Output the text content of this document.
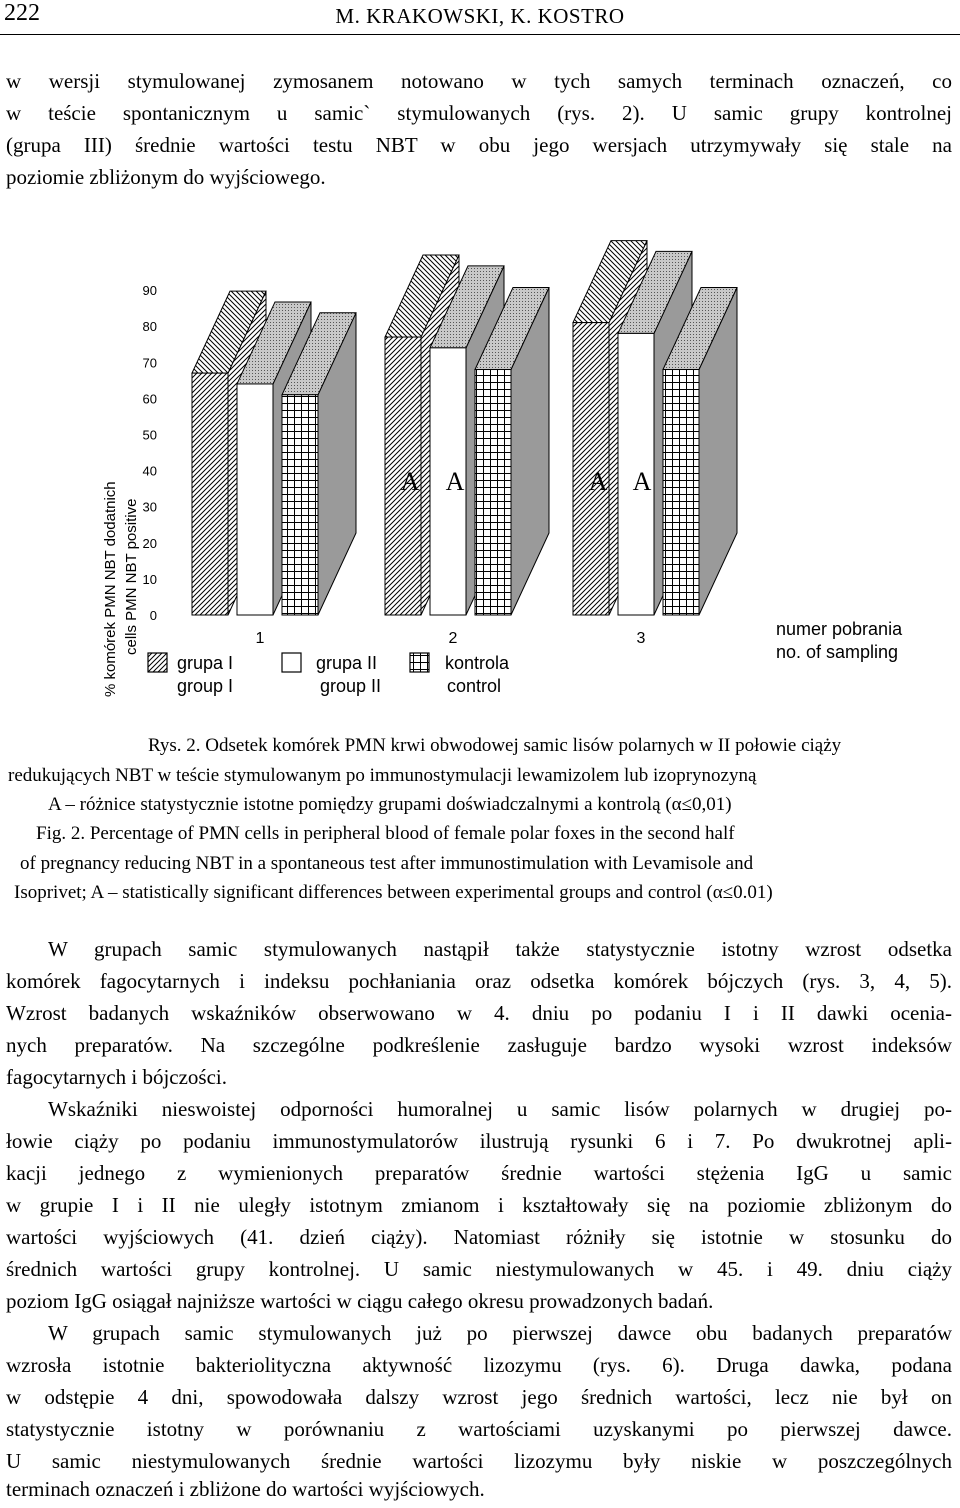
222	M. KRAKOWSKI, K. KOSTRO
w wersji stymulowanej zymosanem notowano w tych samych terminach oznaczeń, co
w teście spontanicznym u samic` stymulowanych (rys. 2). U samic grupy kontrolnej
(grupa III) średnie wartości testu NBT w obu jego wersjach utrzymywały się stale na
poziomie zbliżonym do wyjściowego.
0
10
20
30
40
50
60
70
80
90
% komórek PMN NBT dodatnich cells PMN NBT positive	1	2	3
A A	A A
numer pobrania
no. of sampling
grupa I
group I
grupa II
group II
kontrola
control
Rys. 2. Odsetek komórek PMN krwi obwodowej samic lisów polarnych w II połowie ciąży
redukujących NBT w teście stymulowanym po immunostymulacji lewamizolem lub izoprynozyną
A – różnice statystycznie istotne pomiędzy grupami doświadczalnymi a kontrolą (α≤0,01)
Fig. 2. Percentage of PMN cells in peripheral blood of female polar foxes in the second half
of pregnancy reducing NBT in a spontaneous test after immunostimulation with Levamisole and
Isoprivet; A – statistically significant differences between experimental groups and control (α≤0.01)
W grupach samic stymulowanych nastąpił także statystycznie istotny wzrost odsetka
komórek fagocytarnych i indeksu pochłaniania oraz odsetka komórek bójczych (rys. 3, 4, 5).
Wzrost badanych wskaźników obserwowano w 4. dniu po podaniu I i II dawki oceniа-
nych preparatów. Na szczególne podkreślenie zasługuje bardzo wysoki wzrost indeksów
fagocytarnych i bójczości.
Wskaźniki nieswoistej odporności humoralnej u samic lisów polarnych w drugiej po-
łowie ciąży po podaniu immunostymulatorów ilustrują rysunki 6 i 7. Po dwukrotnej apli-
kacji jednego z wymienionych preparatów średnie wartości stężenia IgG u samic
w grupie I i II nie uległy istotnym zmianom i kształtowały się na poziomie zbliżonym do
wartości wyjściowych (41. dzień ciąży). Natomiast różniły się istotnie w stosunku do
średnich wartości grupy kontrolnej. U samic niestymulowanych w 45. i 49. dniu ciąży
poziom IgG osiągał najniższe wartości w ciągu całego okresu prowadzonych badań.
W grupach samic stymulowanych już po pierwszej dawce obu badanych preparatów
wzrosła istotnie bakteriolityczna aktywność lizozymu (rys. 6). Druga dawka, podana
w odstępie 4 dni, spowodowała dalszy wzrost jego średnich wartości, lecz nie był on
statystycznie istotny w porównaniu z wartościami uzyskanymi po pierwszej dawce.
U samic niestymulowanych średnie wartości lizozymu były niskie w poszczególnych
terminach oznaczeń i zbliżone do wartości wyjściowych.
